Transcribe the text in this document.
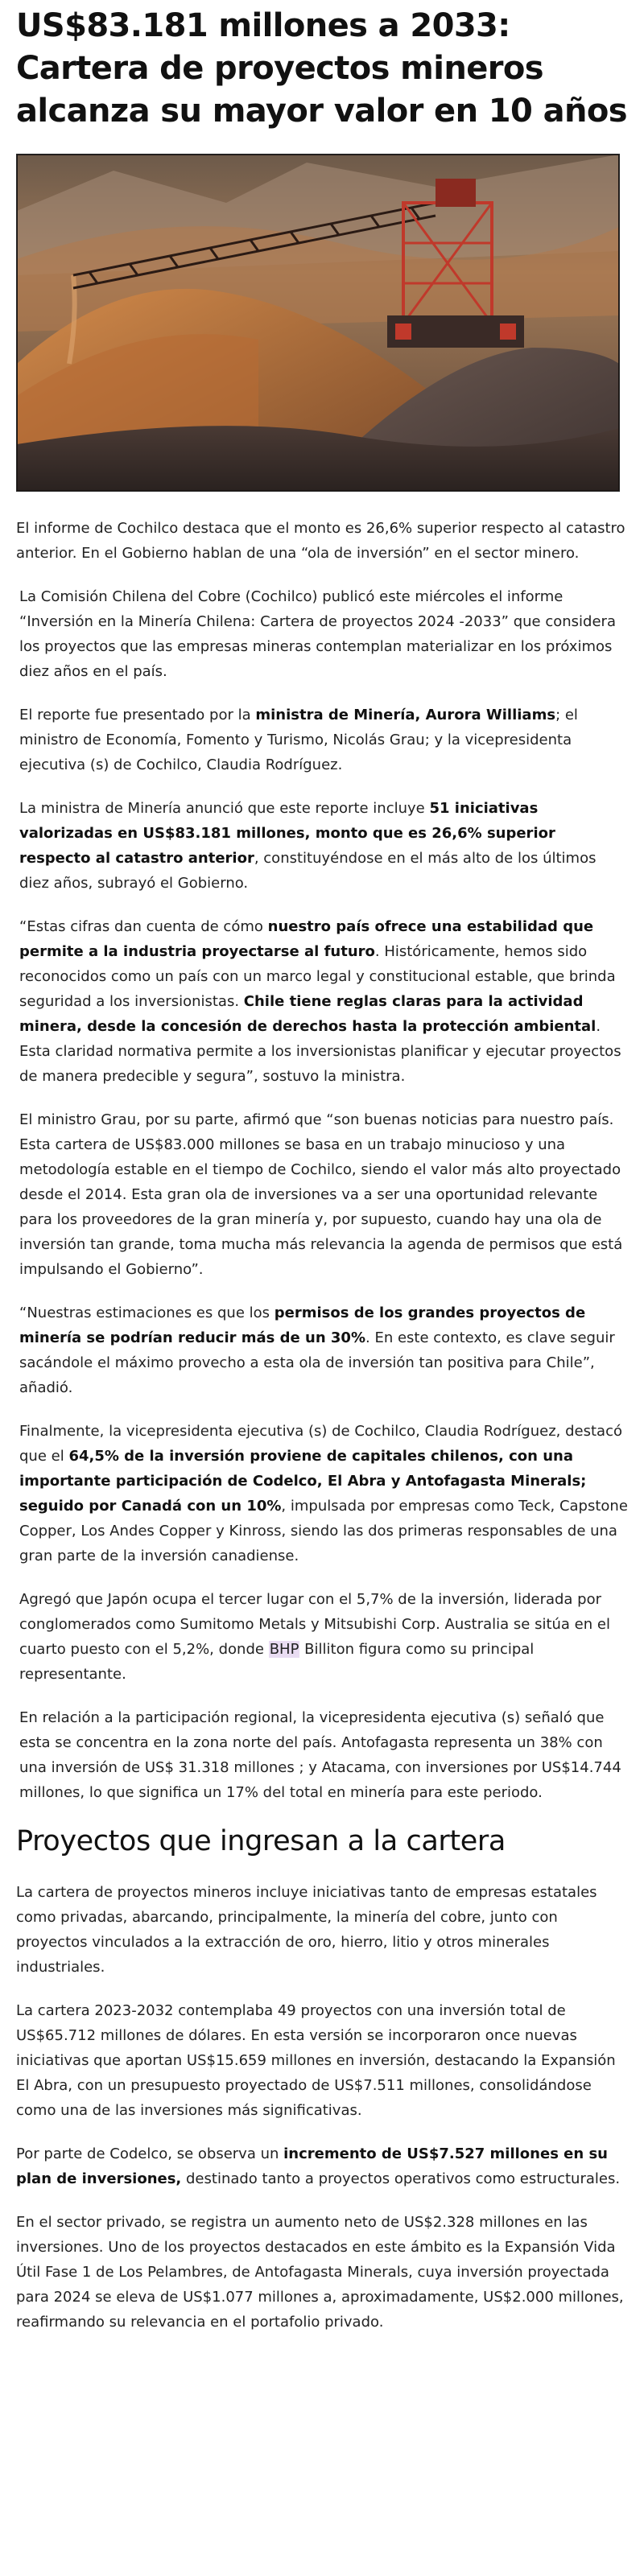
US$83.181 millones a 2033: Cartera de proyectos mineros alcanza su mayor valor en 10 años

El informe de Cochilco destaca que el monto es 26,6% superior respecto al catastro anterior. En el Gobierno hablan de una “ola de inversión” en el sector minero.

La Comisión Chilena del Cobre (Cochilco) publicó este miércoles el informe “Inversión en la Minería Chilena: Cartera de proyectos 2024 -2033” que considera los proyectos que las empresas mineras contemplan materializar en los próximos diez años en el país.

El reporte fue presentado por la ministra de Minería, Aurora Williams; el ministro de Economía, Fomento y Turismo, Nicolás Grau; y la vicepresidenta ejecutiva (s) de Cochilco, Claudia Rodríguez.

La ministra de Minería anunció que este reporte incluye 51 iniciativas valorizadas en US$83.181 millones, monto que es 26,6% superior respecto al catastro anterior, constituyéndose en el más alto de los últimos diez años, subrayó el Gobierno.

“Estas cifras dan cuenta de cómo nuestro país ofrece una estabilidad que permite a la industria proyectarse al futuro. Históricamente, hemos sido reconocidos como un país con un marco legal y constitucional estable, que brinda seguridad a los inversionistas. Chile tiene reglas claras para la actividad minera, desde la concesión de derechos hasta la protección ambiental. Esta claridad normativa permite a los inversionistas planificar y ejecutar proyectos de manera predecible y segura”, sostuvo la ministra.

El ministro Grau, por su parte, afirmó que “son buenas noticias para nuestro país. Esta cartera de US$83.000 millones se basa en un trabajo minucioso y una metodología estable en el tiempo de Cochilco, siendo el valor más alto proyectado desde el 2014. Esta gran ola de inversiones va a ser una oportunidad relevante para los proveedores de la gran minería y, por supuesto, cuando hay una ola de inversión tan grande, toma mucha más relevancia la agenda de permisos que está impulsando el Gobierno”.

“Nuestras estimaciones es que los permisos de los grandes proyectos de minería se podrían reducir más de un 30%. En este contexto, es clave seguir sacándole el máximo provecho a esta ola de inversión tan positiva para Chile”, añadió.

Finalmente, la vicepresidenta ejecutiva (s) de Cochilco, Claudia Rodríguez, destacó que el 64,5% de la inversión proviene de capitales chilenos, con una importante participación de Codelco, El Abra y Antofagasta Minerals; seguido por Canadá con un 10%, impulsada por empresas como Teck, Capstone Copper, Los Andes Copper y Kinross, siendo las dos primeras responsables de una gran parte de la inversión canadiense.

Agregó que Japón ocupa el tercer lugar con el 5,7% de la inversión, liderada por conglomerados como Sumitomo Metals y Mitsubishi Corp. Australia se sitúa en el cuarto puesto con el 5,2%, donde BHP Billiton figura como su principal representante.

En relación a la participación regional, la vicepresidenta ejecutiva (s) señaló que esta se concentra en la zona norte del país. Antofagasta representa un 38% con una inversión de US$ 31.318 millones ; y Atacama, con inversiones por US$14.744 millones, lo que significa un 17% del total en minería para este periodo.

Proyectos que ingresan a la cartera

La cartera de proyectos mineros incluye iniciativas tanto de empresas estatales como privadas, abarcando, principalmente, la minería del cobre, junto con proyectos vinculados a la extracción de oro, hierro, litio y otros minerales industriales.

La cartera 2023-2032 contemplaba 49 proyectos con una inversión total de US$65.712 millones de dólares. En esta versión se incorporaron once nuevas iniciativas que aportan US$15.659 millones en inversión, destacando la Expansión El Abra, con un presupuesto proyectado de US$7.511 millones, consolidándose como una de las inversiones más significativas.

Por parte de Codelco, se observa un incremento de US$7.527 millones en su plan de inversiones, destinado tanto a proyectos operativos como estructurales.

En el sector privado, se registra un aumento neto de US$2.328 millones en las inversiones. Uno de los proyectos destacados en este ámbito es la Expansión Vida Útil Fase 1 de Los Pelambres, de Antofagasta Minerals, cuya inversión proyectada para 2024 se eleva de US$1.077 millones a, aproximadamente, US$2.000 millones, reafirmando su relevancia en el portafolio privado.
